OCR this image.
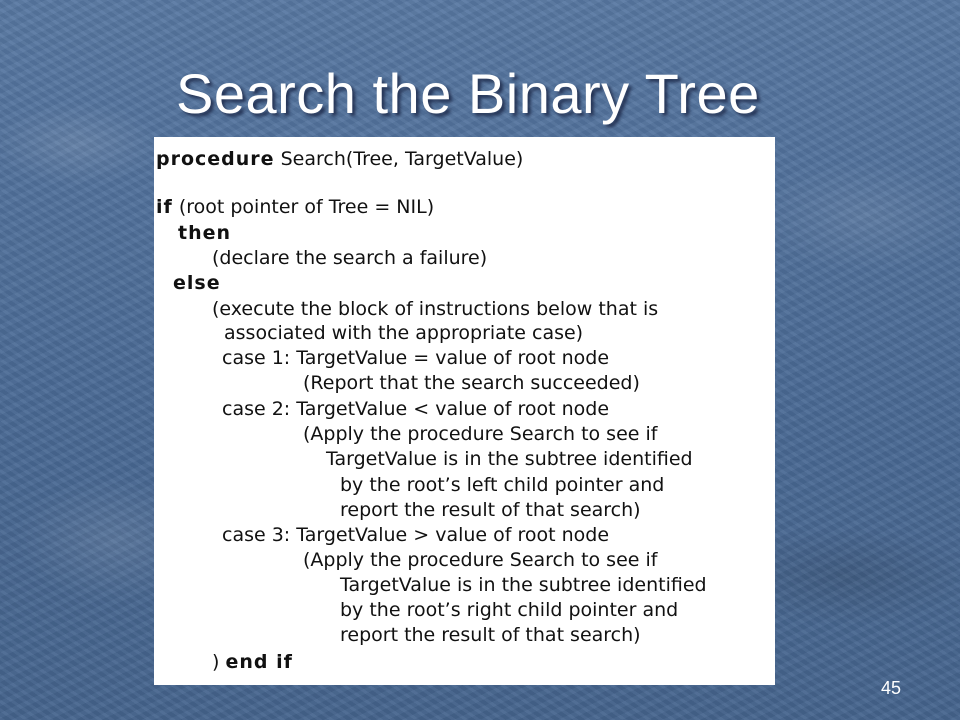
Search the Binary Tree
procedure Search(Tree, TargetValue)
if (root pointer of Tree = NIL)
then
(declare the search a failure)
else
(execute the block of instructions below that is
associated with the appropriate case)
case 1: TargetValue = value of root node
(Report that the search succeeded)
case 2: TargetValue < value of root node
(Apply the procedure Search to see if
TargetValue is in the subtree identified
by the root’s left child pointer and
report the result of that search)
case 3: TargetValue > value of root node
(Apply the procedure Search to see if
TargetValue is in the subtree identified
by the root’s right child pointer and
report the result of that search)
) end if
45
